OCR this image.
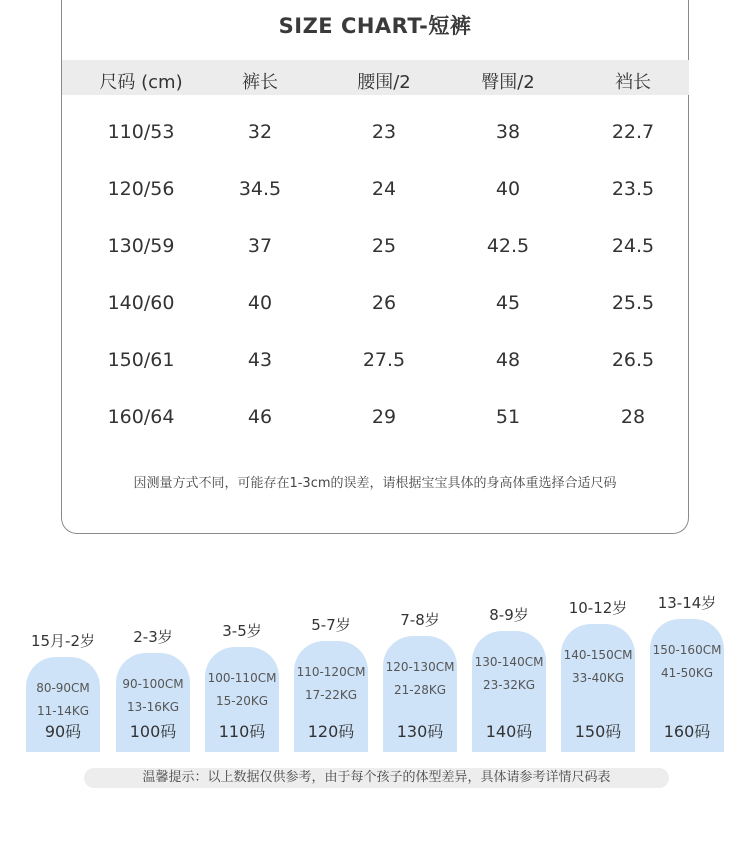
SIZE CHART-短裤
尺码 (cm)	裤长	腰围/2	臀围/2	裆长
110/53	32	23	38	22.7
120/56	34.5	24	40	23.5
130/59	37	25	42.5	24.5
140/60	40	26	45	25.5
150/61	43	27.5	48	26.5
160/64	46	29	51	28
因测量方式不同，可能存在1-3cm的误差，请根据宝宝具体的身高体重选择合适尺码
15月-2岁
80-90CM
11-14KG
90码
2-3岁
90-100CM
13-16KG
100码
3-5岁
100-110CM
15-20KG
110码
5-7岁
110-120CM
17-22KG
120码
7-8岁
120-130CM
21-28KG
130码
8-9岁
130-140CM
23-32KG
140码
10-12岁
140-150CM
33-40KG
150码
13-14岁
150-160CM
41-50KG
160码
温馨提示：以上数据仅供参考，由于每个孩子的体型差异，具体请参考详情尺码表
